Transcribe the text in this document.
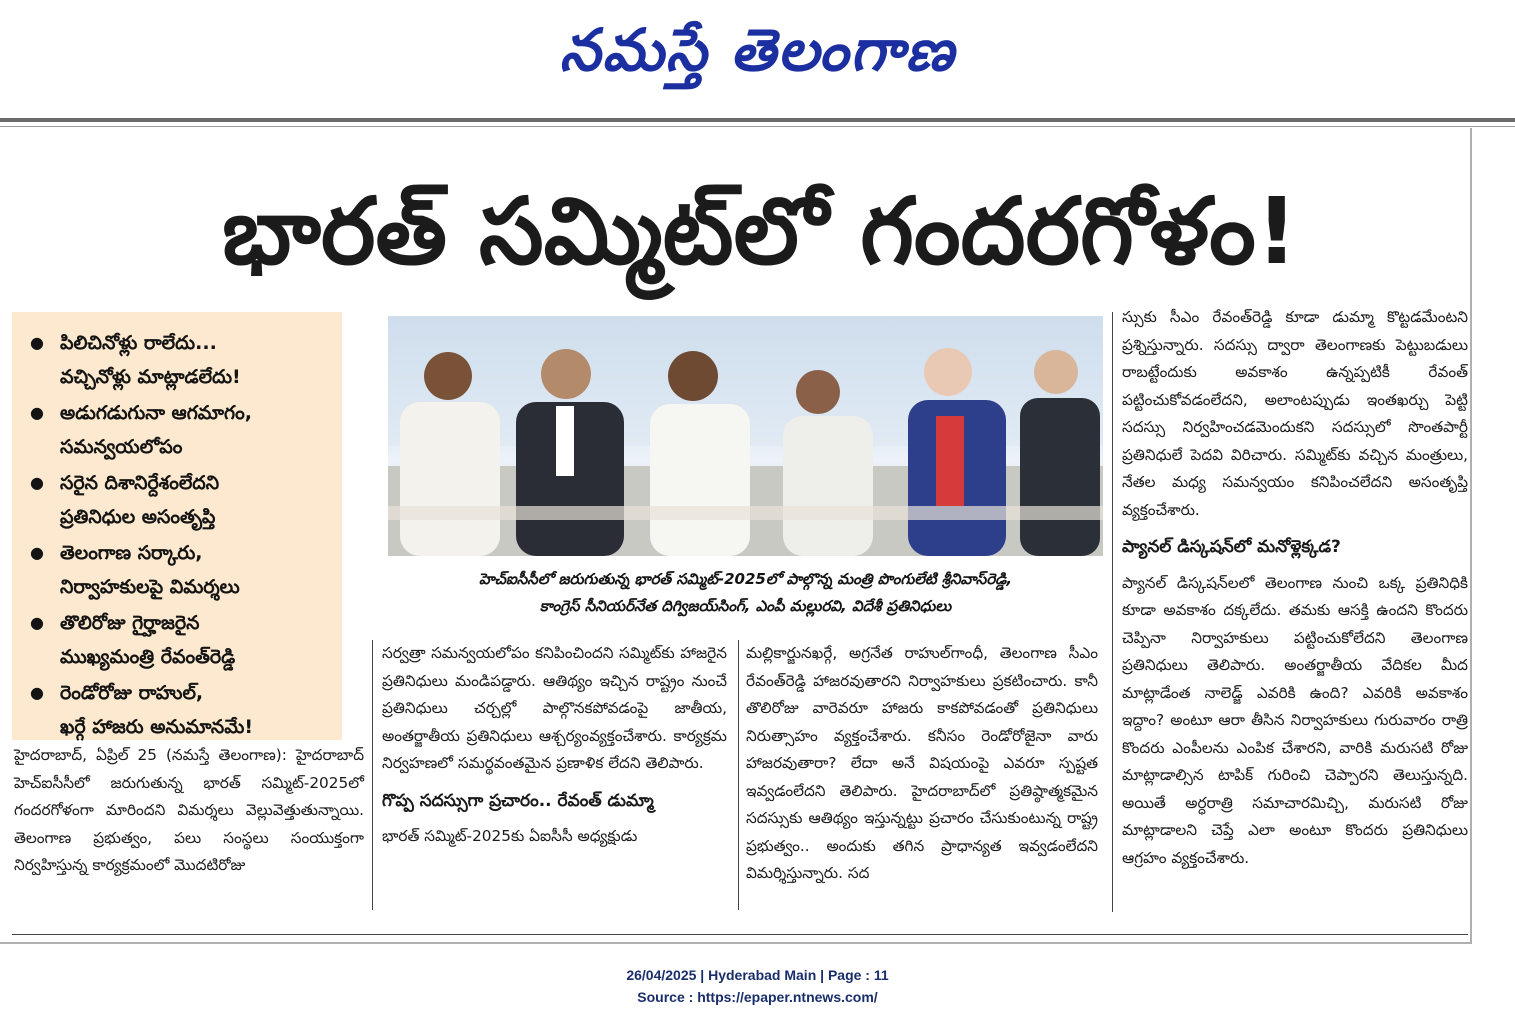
నమస్తే తెలంగాణ
భారత్‌ సమ్మిట్‌లో గందరగోళం!
● పిలిచినోళ్లు రాలేదు...
వచ్చినోళ్లు మాట్లాడలేదు!
● అడుగడుగునా ఆగమాగం,
సమన్వయలోపం
● సరైన దిశానిర్దేశంలేదని
ప్రతినిధుల అసంతృప్తి
● తెలంగాణ సర్కారు,
నిర్వాహకులపై విమర్శలు
● తొలిరోజు గైర్హాజరైన
ముఖ్యమంత్రి రేవంత్‌రెడ్డి
● రెండోరోజు రాహుల్‌,
ఖర్గే హాజరు అనుమానమే!
హెచ్‌ఐసీసీలో జరుగుతున్న భారత్‌ సమ్మిట్‌-2025లో పాల్గొన్న మంత్రి పొంగులేటి శ్రీనివాస్‌రెడ్డి,
కాంగ్రెస్‌ సీనియర్‌నేత దిగ్విజయ్‌సింగ్‌, ఎంపీ మల్లురవి, విదేశీ ప్రతినిధులు

హైదరాబాద్‌, ఏప్రిల్‌ 25 (నమస్తే తెలంగాణ): హైదరాబాద్‌ హెచ్‌ఐసీసీలో జరుగుతున్న భారత్‌ సమ్మిట్‌-2025లో గందరగోళంగా మారిందని విమర్శలు వెల్లువెత్తుతున్నాయి. తెలంగాణ ప్రభుత్వం, పలు సంస్థలు సంయుక్తంగా నిర్వహిస్తున్న కార్యక్రమంలో మొదటిరోజు

సర్వత్రా సమన్వయలోపం కనిపించిందని సమ్మిట్‌కు హాజరైన ప్రతినిధులు మండిపడ్డారు. ఆతిథ్యం ఇచ్చిన రాష్ట్రం నుంచే ప్రతినిధులు చర్చల్లో పాల్గొనకపోవడంపై జాతీయ, అంతర్జాతీయ ప్రతినిధులు ఆశ్చర్యంవ్యక్తంచేశారు. కార్యక్రమ నిర్వహణలో సమర్థవంతమైన ప్రణాళిక లేదని తెలిపారు.

గొప్ప సదస్సుగా ప్రచారం.. రేవంత్‌ డుమ్మా

భారత్‌ సమ్మిట్‌-2025కు ఏఐసీసీ అధ్యక్షుడు

మల్లికార్జునఖర్గే, అగ్రనేత రాహుల్‌గాంధీ, తెలంగాణ సీఎం రేవంత్‌రెడ్డి హాజరవుతారని నిర్వాహకులు ప్రకటించారు. కానీ తొలిరోజు వారెవరూ హాజరు కాకపోవడంతో ప్రతినిధులు నిరుత్సాహం వ్యక్తంచేశారు. కనీసం రెండోరోజైనా వారు హాజరవుతారా? లేదా అనే విషయంపై ఎవరూ స్పష్టత ఇవ్వడంలేదని తెలిపారు. హైదరాబాద్‌లో ప్రతిష్ఠాత్మకమైన సదస్సుకు ఆతిథ్యం ఇస్తున్నట్టు ప్రచారం చేసుకుంటున్న రాష్ట్ర ప్రభుత్వం.. అందుకు తగిన ప్రాధాన్యత ఇవ్వడంలేదని విమర్శిస్తున్నారు. సద

స్సుకు సీఎం రేవంత్‌రెడ్డి కూడా డుమ్మా కొట్టడమేంటని ప్రశ్నిస్తున్నారు. సదస్సు ద్వారా తెలంగాణకు పెట్టుబడులు రాబట్టేందుకు అవకాశం ఉన్నప్పటికీ రేవంత్‌ పట్టించుకోవడంలేదని, అలాంటప్పుడు ఇంతఖర్చు పెట్టి సదస్సు నిర్వహించడమెందుకని సదస్సులో సొంతపార్టీ ప్రతినిధులే పెదవి విరిచారు. సమ్మిట్‌కు వచ్చిన మంత్రులు, నేతల మధ్య సమన్వయం కనిపించలేదని అసంతృప్తి వ్యక్తంచేశారు.

ప్యానల్‌ డిస్కషన్‌లో మనోళ్లెక్కడ?

ప్యానల్‌ డిస్కషన్‌లలో తెలంగాణ నుంచి ఒక్క ప్రతినిధికి కూడా అవకాశం దక్కలేదు. తమకు ఆసక్తి ఉందని కొందరు చెప్పినా నిర్వాహకులు పట్టించుకోలేదని తెలంగాణ ప్రతినిధులు తెలిపారు. అంతర్జాతీయ వేదికల మీద మాట్లాడేంత నాలెడ్జ్‌ ఎవరికి ఉంది? ఎవరికి అవకాశం ఇద్దాం? అంటూ ఆరా తీసిన నిర్వాహకులు గురువారం రాత్రి కొందరు ఎంపీలను ఎంపిక చేశారని, వారికి మరుసటి రోజు మాట్లాడాల్సిన టాపిక్‌ గురించి చెప్పారని తెలుస్తున్నది. అయితే అర్ధరాత్రి సమాచారమిచ్చి, మరుసటి రోజు మాట్లాడాలని చెప్తే ఎలా అంటూ కొందరు ప్రతినిధులు ఆగ్రహం వ్యక్తంచేశారు.

26/04/2025 | Hyderabad Main | Page : 11
Source : https://epaper.ntnews.com/
